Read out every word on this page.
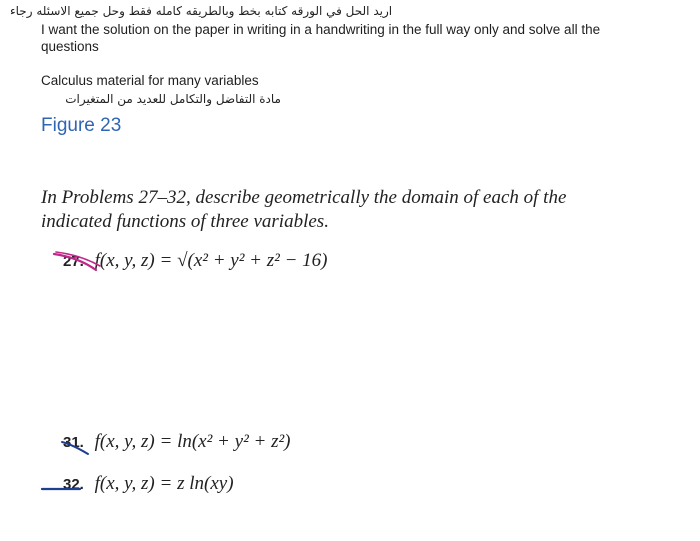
اريد الحل في الورقه كتابه بخط وبالطريقه كامله فقط وحل جميع الاسئله رجاء
I want the solution on the paper in writing in a handwriting in the full way only and solve all the questions
Calculus material for many variables
مادة التفاضل والتكامل للعديد من المتغيرات
Figure 23
In Problems 27–32, describe geometrically the domain of each of the indicated functions of three variables.
27. f(x, y, z) = √(x² + y² + z² − 16)
31. f(x, y, z) = ln(x² + y² + z²)
32. f(x, y, z) = z ln(xy)
